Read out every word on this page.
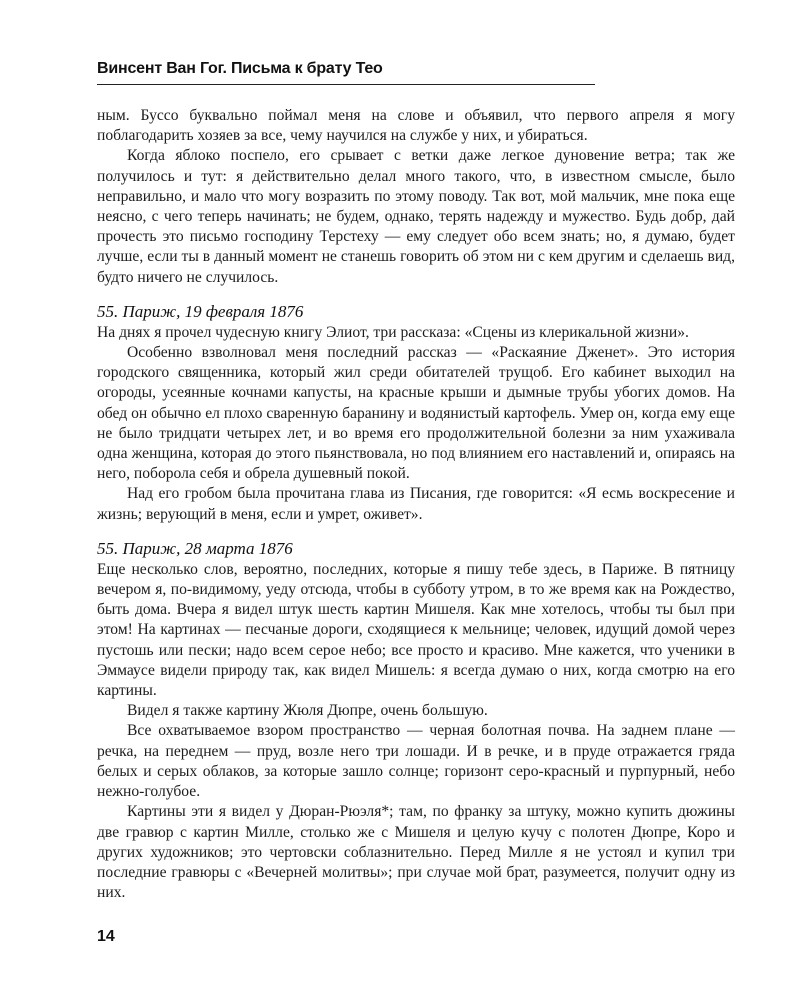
Винсент Ван Гог. Письма к брату Тео

ным. Буссо буквально поймал меня на слове и объявил, что первого апреля я могу поблагодарить хозяев за все, чему научился на службе у них, и убираться.

Когда яблоко поспело, его срывает с ветки даже легкое дуновение ветра; так же получилось и тут: я действительно делал много такого, что, в известном смысле, было неправильно, и мало что могу возразить по этому поводу. Так вот, мой мальчик, мне пока еще неясно, с чего теперь начинать; не будем, однако, терять надежду и мужество. Будь добр, дай прочесть это письмо господину Терстеху — ему следует обо всем знать; но, я думаю, будет лучше, если ты в данный момент не станешь говорить об этом ни с кем другим и сделаешь вид, будто ничего не случилось.

55. Париж, 19 февраля 1876

На днях я прочел чудесную книгу Элиот, три рассказа: «Сцены из клерикальной жизни».

Особенно взволновал меня последний рассказ — «Раскаяние Дженет». Это история городского священника, который жил среди обитателей трущоб. Его кабинет выходил на огороды, усеянные кочнами капусты, на красные крыши и дымные трубы убогих домов. На обед он обычно ел плохо сваренную баранину и водянистый картофель. Умер он, когда ему еще не было тридцати четырех лет, и во время его продолжительной болезни за ним ухаживала одна женщина, которая до этого пьянствовала, но под влиянием его наставлений и, опираясь на него, поборола себя и обрела душевный покой.

Над его гробом была прочитана глава из Писания, где говорится: «Я есмь воскресение и жизнь; верующий в меня, если и умрет, оживет».

55. Париж, 28 марта 1876

Еще несколько слов, вероятно, последних, которые я пишу тебе здесь, в Париже. В пятницу вечером я, по-видимому, уеду отсюда, чтобы в субботу утром, в то же время как на Рождество, быть дома. Вчера я видел штук шесть картин Мишеля. Как мне хотелось, чтобы ты был при этом! На картинах — песчаные дороги, сходящиеся к мельнице; человек, идущий домой через пустошь или пески; надо всем серое небо; все просто и красиво. Мне кажется, что ученики в Эммаусе видели природу так, как видел Мишель: я всегда думаю о них, когда смотрю на его картины.

Видел я также картину Жюля Дюпре, очень большую.

Все охватываемое взором пространство — черная болотная почва. На заднем плане — речка, на переднем — пруд, возле него три лошади. И в речке, и в пруде отражается гряда белых и серых облаков, за которые зашло солнце; горизонт серо-красный и пурпурный, небо нежно-голубое.

Картины эти я видел у Дюран-Рюэля*; там, по франку за штуку, можно купить дюжины две гравюр с картин Милле, столько же с Мишеля и целую кучу с полотен Дюпре, Коро и других художников; это чертовски соблазнительно. Перед Милле я не устоял и купил три последние гравюры с «Вечерней молитвы»; при случае мой брат, разумеется, получит одну из них.

14
